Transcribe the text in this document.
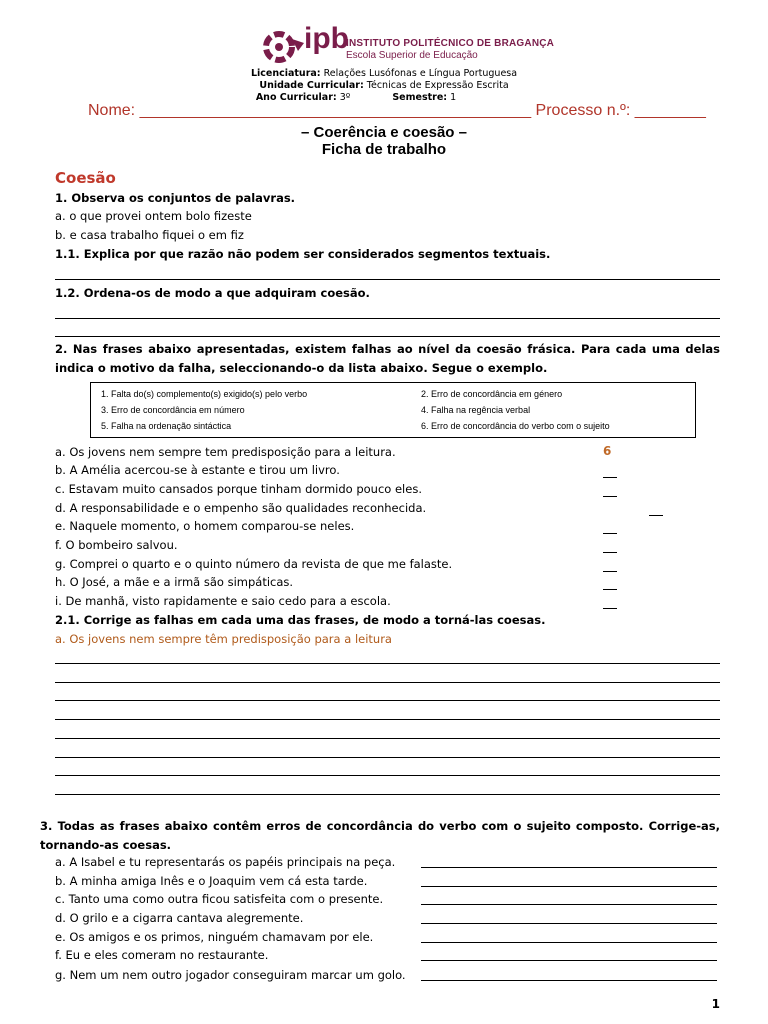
ipb
INSTITUTO POLITÉCNICO DE BRAGANÇA
Escola Superior de Educação
Licenciatura: Relações Lusófonas e Língua Portuguesa
Unidade Curricular: Técnicas de Expressão Escrita
Ano Curricular: 3º	Semestre: 1
Nome: ____________________________________________ Processo n.º: ________
– Coerência e coesão –
Ficha de trabalho
Coesão
1. Observa os conjuntos de palavras.
a. o que provei ontem bolo fizeste
b. e casa trabalho fiquei o em fiz
1.1. Explica por que razão não podem ser considerados segmentos textuais.
1.2. Ordena-os de modo a que adquiram coesão.
2. Nas frases abaixo apresentadas, existem falhas ao nível da coesão frásica. Para cada uma delas indica o motivo da falha, seleccionando-o da lista abaixo. Segue o exemplo.
1. Falta do(s) complemento(s) exigido(s) pelo verbo	2. Erro de concordância em género
3. Erro de concordância em número	4. Falha na regência verbal
5. Falha na ordenação sintáctica	6. Erro de concordância do verbo com o sujeito
a. Os jovens nem sempre tem predisposição para a leitura.	6
b. A Amélia acercou-se à estante e tirou um livro.
c. Estavam muito cansados porque tinham dormido pouco eles.
d. A responsabilidade e o empenho são qualidades reconhecida.
e. Naquele momento, o homem comparou-se neles.
f. O bombeiro salvou.
g. Comprei o quarto e o quinto número da revista de que me falaste.
h. O José, a mãe e a irmã são simpáticas.
i. De manhã, visto rapidamente e saio cedo para a escola.
2.1. Corrige as falhas em cada uma das frases, de modo a torná-las coesas.
a. Os jovens nem sempre têm predisposição para a leitura
3. Todas as frases abaixo contêm erros de concordância do verbo com o sujeito composto. Corrige-as, tornando-as coesas.
a. A Isabel e tu representarás os papéis principais na peça.
b. A minha amiga Inês e o Joaquim vem cá esta tarde.
c. Tanto uma como outra ficou satisfeita com o presente.
d. O grilo e a cigarra cantava alegremente.
e. Os amigos e os primos, ninguém chamavam por ele.
f. Eu e eles comeram no restaurante.
g. Nem um nem outro jogador conseguiram marcar um golo.
1
